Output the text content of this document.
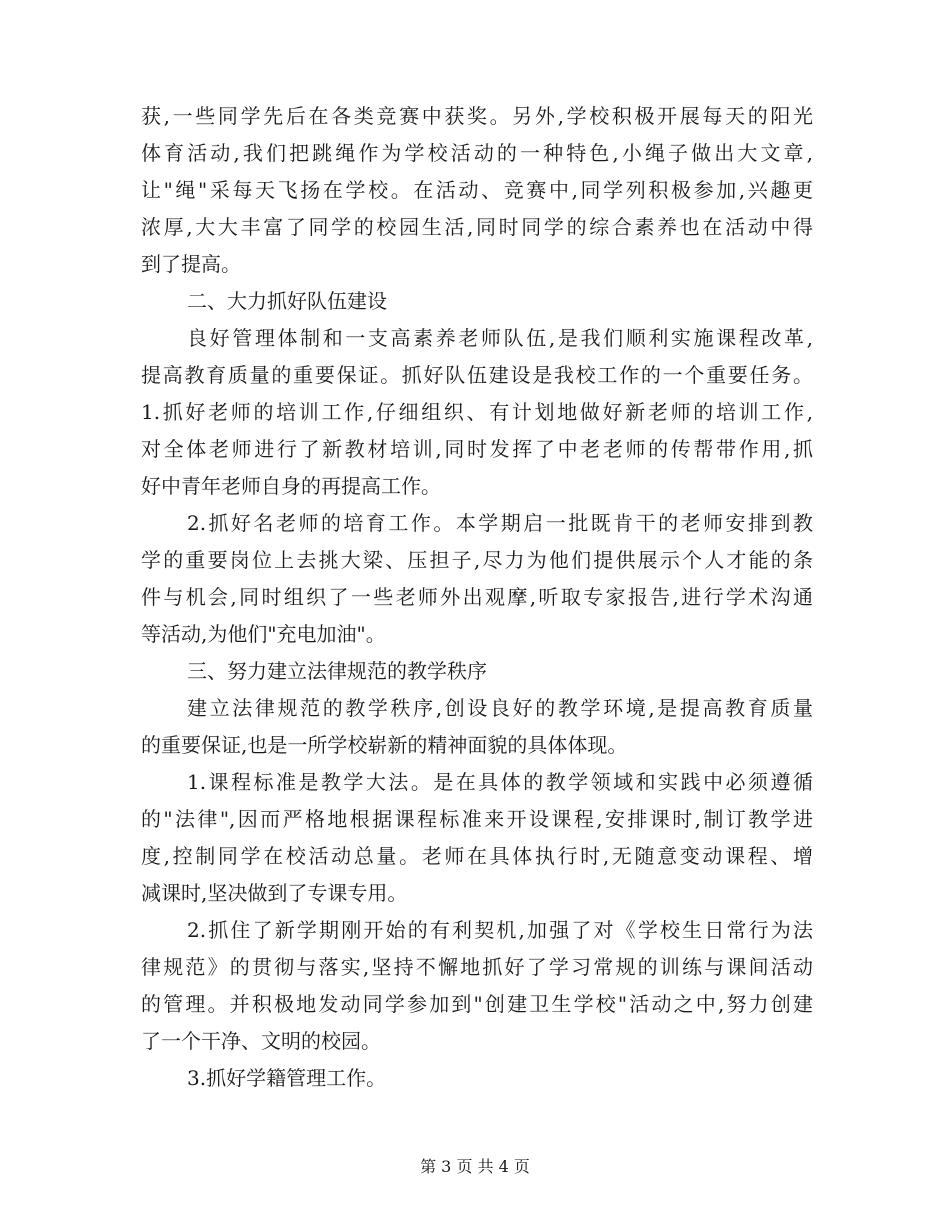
获,一些同学先后在各类竞赛中获奖。另外,学校积极开展每天的阳光
体育活动,我们把跳绳作为学校活动的一种特色,小绳子做出大文章,
让"绳"采每天飞扬在学校。在活动、竞赛中,同学列积极参加,兴趣更
浓厚,大大丰富了同学的校园生活,同时同学的综合素养也在活动中得
到了提高。
二、大力抓好队伍建设
良好管理体制和一支高素养老师队伍,是我们顺利实施课程改革,
提高教育质量的重要保证。抓好队伍建设是我校工作的一个重要任务。
1.抓好老师的培训工作,仔细组织、有计划地做好新老师的培训工作,
对全体老师进行了新教材培训,同时发挥了中老老师的传帮带作用,抓
好中青年老师自身的再提高工作。
2.抓好名老师的培育工作。本学期启一批既肯干的老师安排到教
学的重要岗位上去挑大梁、压担子,尽力为他们提供展示个人才能的条
件与机会,同时组织了一些老师外出观摩,听取专家报告,进行学术沟通
等活动,为他们"充电加油"。
三、努力建立法律规范的教学秩序
建立法律规范的教学秩序,创设良好的教学环境,是提高教育质量
的重要保证,也是一所学校崭新的精神面貌的具体体现。
1.课程标准是教学大法。是在具体的教学领域和实践中必须遵循
的"法律",因而严格地根据课程标准来开设课程,安排课时,制订教学进
度,控制同学在校活动总量。老师在具体执行时,无随意变动课程、增
减课时,坚决做到了专课专用。
2.抓住了新学期刚开始的有利契机,加强了对《学校生日常行为法
律规范》的贯彻与落实,坚持不懈地抓好了学习常规的训练与课间活动
的管理。并积极地发动同学参加到"创建卫生学校"活动之中,努力创建
了一个干净、文明的校园。
3.抓好学籍管理工作。
第 3 页 共 4 页
